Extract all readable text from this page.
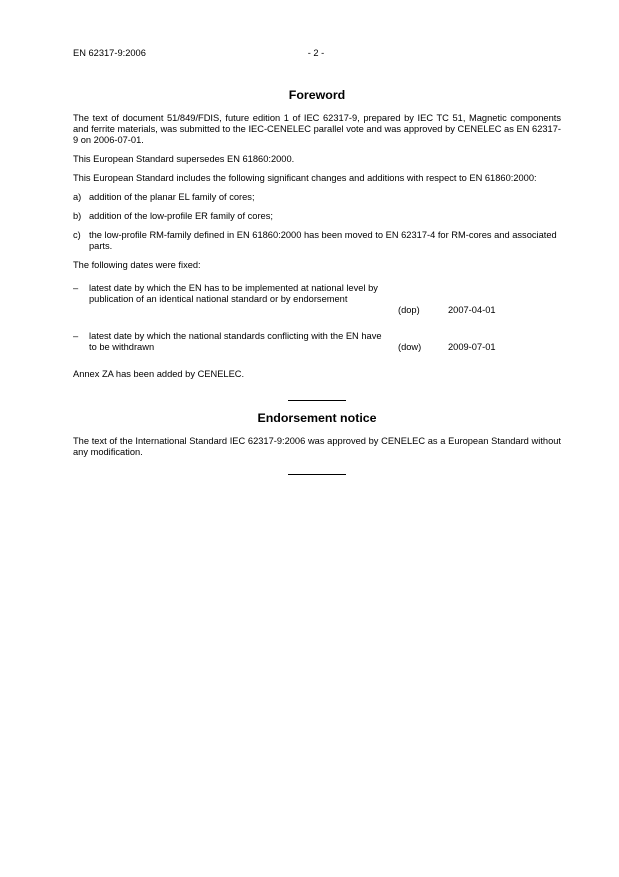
EN 62317-9:2006	- 2 -
Foreword

The text of document 51/849/FDIS, future edition 1 of IEC 62317-9, prepared by IEC TC 51, Magnetic components and ferrite materials, was submitted to the IEC-CENELEC parallel vote and was approved by CENELEC as EN 62317-9 on 2006-07-01.

This European Standard supersedes EN 61860:2000.

This European Standard includes the following significant changes and additions with respect to EN 61860:2000:

a) addition of the planar EL family of cores;
b) addition of the low-profile ER family of cores;
c) the low-profile RM-family defined in EN 61860:2000 has been moved to EN 62317-4 for RM-cores and associated parts.

The following dates were fixed:

– latest date by which the EN has to be implemented at national level by publication of an identical national standard or by endorsement
(dop)	2007-04-01
– latest date by which the national standards conflicting with the EN have to be withdrawn	(dow)	2009-07-01

Annex ZA has been added by CENELEC.

Endorsement notice

The text of the International Standard IEC 62317-9:2006 was approved by CENELEC as a European Standard without any modification.
